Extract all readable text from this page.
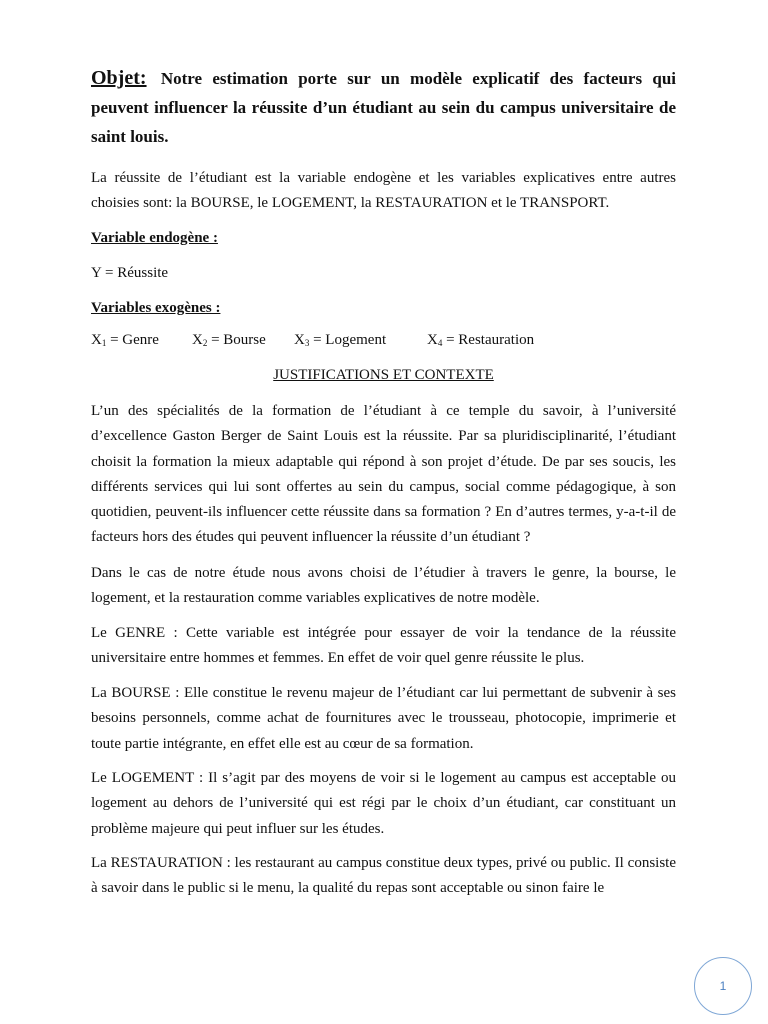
Objet: Notre estimation porte sur un modèle explicatif des facteurs qui peuvent influencer la réussite d’un étudiant au sein du campus universitaire de saint louis.

La réussite de l’étudiant est la variable endogène et les variables explicatives entre autres choisies sont: la BOURSE, le LOGEMENT, la RESTAURATION et le TRANSPORT.

Variable endogène :

Y = Réussite

Variables exogènes :

$X_1$ = Genre $X_2$ = Bourse $X_3$ = Logement	$X_4$ = Restauration

JUSTIFICATIONS ET CONTEXTE

L’un des spécialités de la formation de l’étudiant à ce temple du savoir, à l’université d’excellence Gaston Berger de Saint Louis est la réussite. Par sa pluridisciplinarité, l’étudiant choisit la formation la mieux adaptable qui répond à son projet d’étude. De par ses soucis, les différents services qui lui sont offertes au sein du campus, social comme pédagogique, à son quotidien, peuvent-ils influencer cette réussite dans sa formation ? En d’autres termes, y-a-t-il de facteurs hors des études qui peuvent influencer la réussite d’un étudiant ?

Dans le cas de notre étude nous avons choisi de l’étudier à travers le genre, la bourse, le logement, et la restauration comme variables explicatives de notre modèle.

Le GENRE : Cette variable est intégrée pour essayer de voir la tendance de la réussite universitaire entre hommes et femmes. En effet de voir quel genre réussite le plus.

La BOURSE : Elle constitue le revenu majeur de l’étudiant car lui permettant de subvenir à ses besoins personnels, comme achat de fournitures avec le trousseau, photocopie, imprimerie et toute partie intégrante, en effet elle est au cœur de sa formation.

Le LOGEMENT : Il s’agit par des moyens de voir si le logement au campus est acceptable ou logement au dehors de l’université qui est régi par le choix d’un étudiant, car constituant un problème majeure qui peut influer sur les études.

La RESTAURATION : les restaurant au campus constitue deux types, privé ou public. Il consiste à savoir dans le public si le menu, la qualité du repas sont acceptable ou sinon faire le

1
